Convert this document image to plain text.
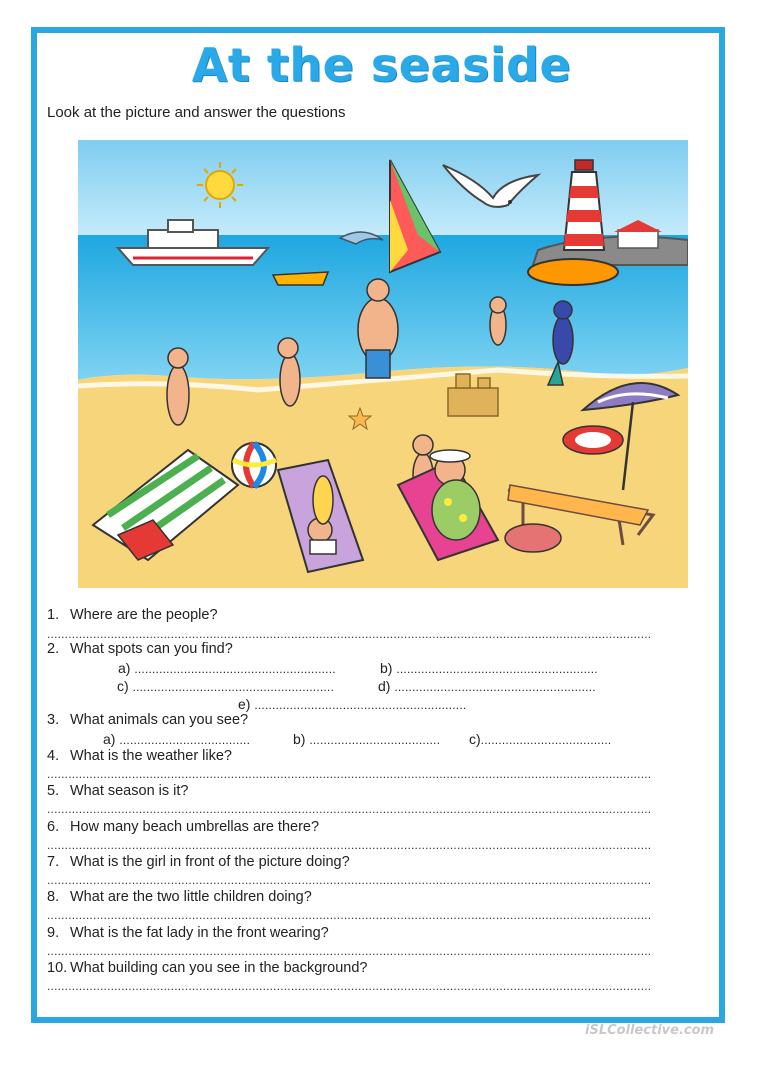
At the seaside
Look at the picture and answer the questions
1. Where are the people?
...........................................................................................................................................................................
2. What spots can you find?
a) .........................................................	b) .........................................................
c) .........................................................	d) .........................................................
e) ............................................................
3. What animals can you see?
a) .....................................	b) ..................................... c).....................................
4. What is the weather like?
...........................................................................................................................................................................
5. What season is it?
...........................................................................................................................................................................
6. How many beach umbrellas are there?
...........................................................................................................................................................................
7. What is the girl in front of the picture doing?
...........................................................................................................................................................................
8. What are the two little children doing?
...........................................................................................................................................................................
9. What is the fat lady in the front wearing?
...........................................................................................................................................................................
10. What building can you see in the background?
...........................................................................................................................................................................
iSLCollective.com
